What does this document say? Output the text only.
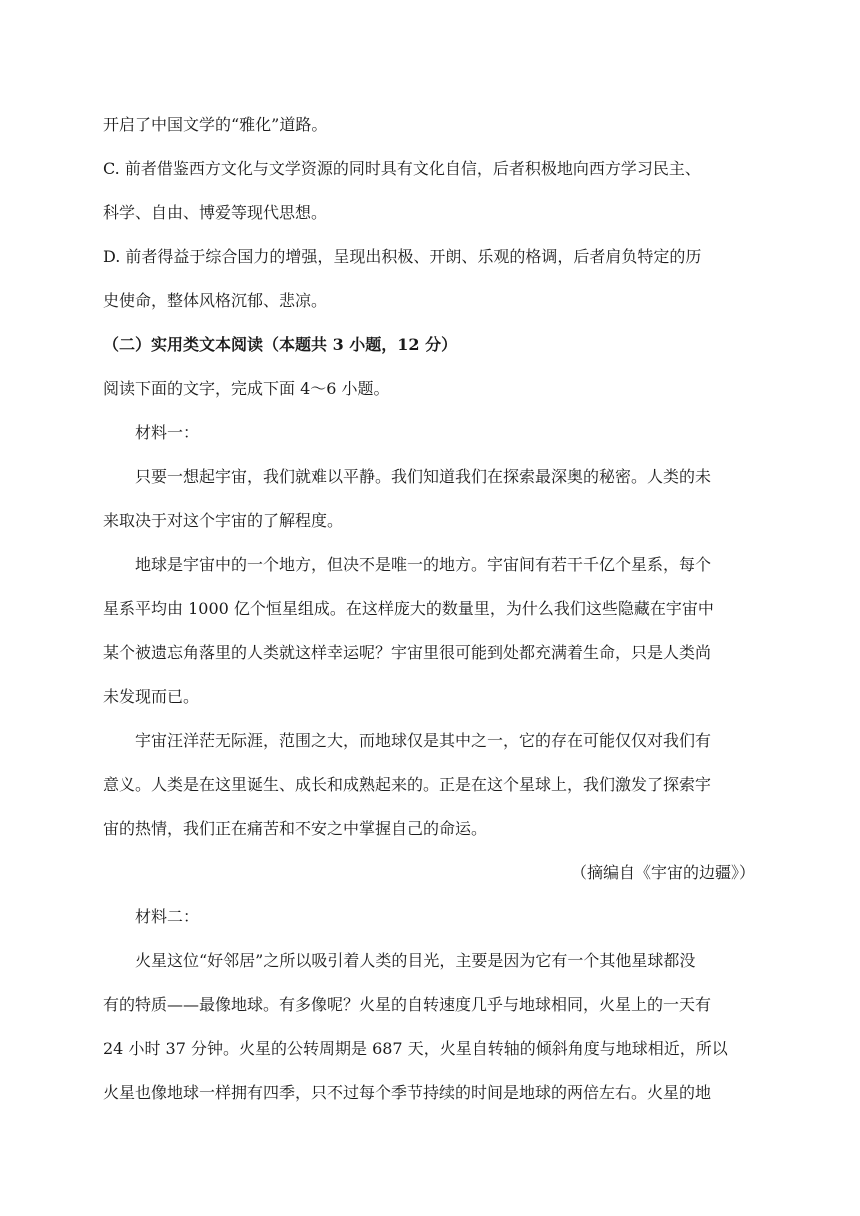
开启了中国文学的“雅化”道路。
C. 前者借鉴西方文化与文学资源的同时具有文化自信，后者积极地向西方学习民主、
科学、自由、博爱等现代思想。
D. 前者得益于综合国力的增强，呈现出积极、开朗、乐观的格调，后者肩负特定的历
史使命，整体风格沉郁、悲凉。
（二）实用类文本阅读（本题共 3 小题，12 分）
阅读下面的文字，完成下面 4～6 小题。
材料一：
只要一想起宇宙，我们就难以平静。我们知道我们在探索最深奥的秘密。人类的未
来取决于对这个宇宙的了解程度。
地球是宇宙中的一个地方，但决不是唯一的地方。宇宙间有若干千亿个星系，每个
星系平均由 1000 亿个恒星组成。在这样庞大的数量里，为什么我们这些隐藏在宇宙中
某个被遗忘角落里的人类就这样幸运呢？宇宙里很可能到处都充满着生命，只是人类尚
未发现而已。
宇宙汪洋茫无际涯，范围之大，而地球仅是其中之一，它的存在可能仅仅对我们有
意义。人类是在这里诞生、成长和成熟起来的。正是在这个星球上，我们激发了探索宇
宙的热情，我们正在痛苦和不安之中掌握自己的命运。
（摘编自《宇宙的边疆》）
材料二：
火星这位“好邻居”之所以吸引着人类的目光，主要是因为它有一个其他星球都没
有的特质——最像地球。有多像呢？火星的自转速度几乎与地球相同，火星上的一天有
24 小时 37 分钟。火星的公转周期是 687 天，火星自转轴的倾斜角度与地球相近，所以
火星也像地球一样拥有四季，只不过每个季节持续的时间是地球的两倍左右。火星的地
